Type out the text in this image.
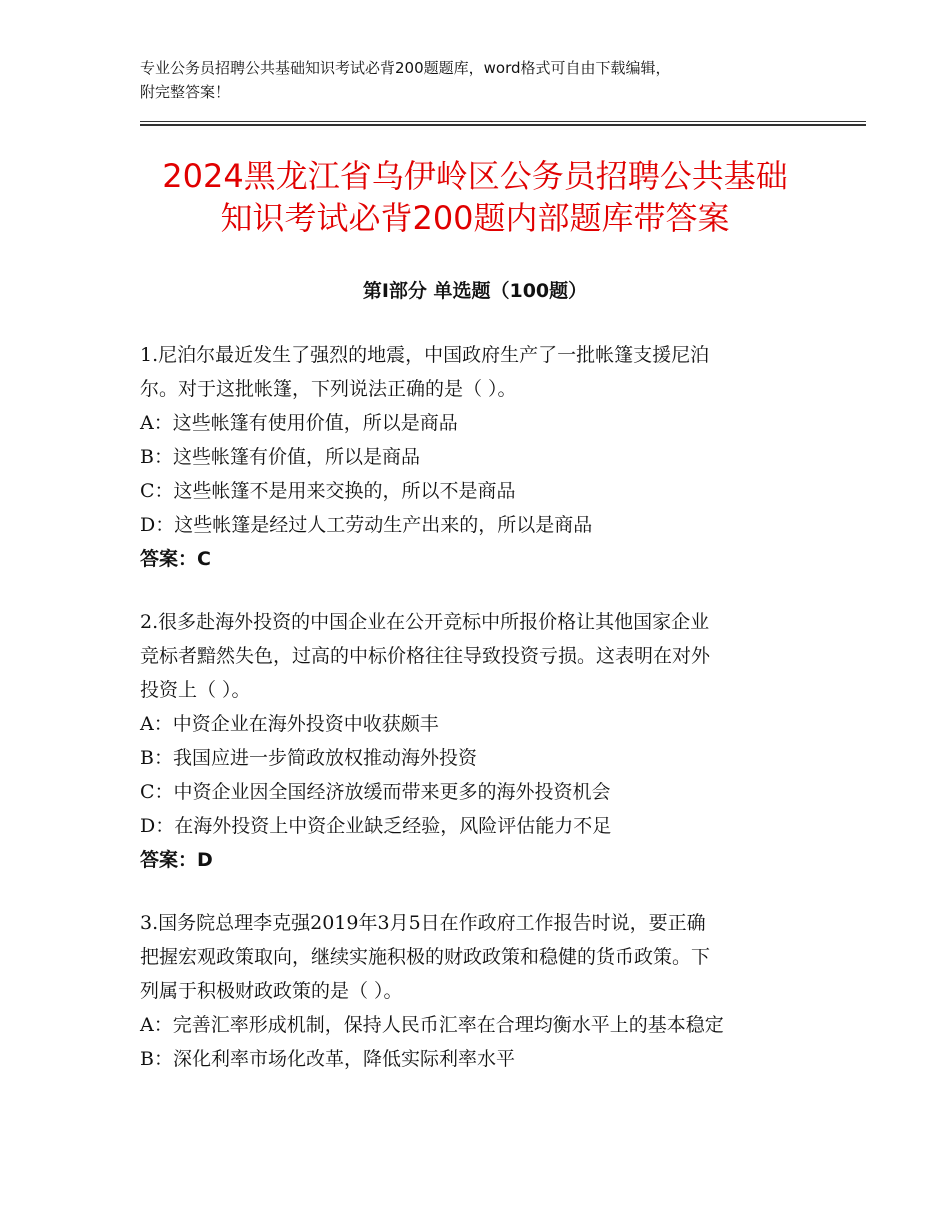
专业公务员招聘公共基础知识考试必背200题题库，word格式可自由下载编辑，
附完整答案！
2024黑龙江省乌伊岭区公务员招聘公共基础
知识考试必背200题内部题库带答案
第Ⅰ部分 单选题（100题）
1.尼泊尔最近发生了强烈的地震，中国政府生产了一批帐篷支援尼泊
尔。对于这批帐篷，下列说法正确的是（ ）。
A：这些帐篷有使用价值，所以是商品
B：这些帐篷有价值，所以是商品
C：这些帐篷不是用来交换的，所以不是商品
D：这些帐篷是经过人工劳动生产出来的，所以是商品
答案：C
2.很多赴海外投资的中国企业在公开竞标中所报价格让其他国家企业
竞标者黯然失色，过高的中标价格往往导致投资亏损。这表明在对外
投资上（ ）。
A：中资企业在海外投资中收获颇丰
B：我国应进一步简政放权推动海外投资
C：中资企业因全国经济放缓而带来更多的海外投资机会
D：在海外投资上中资企业缺乏经验，风险评估能力不足
答案：D
3.国务院总理李克强2019年3月5日在作政府工作报告时说，要正确
把握宏观政策取向，继续实施积极的财政政策和稳健的货币政策。下
列属于积极财政政策的是（ ）。
A：完善汇率形成机制，保持人民币汇率在合理均衡水平上的基本稳定
B：深化利率市场化改革，降低实际利率水平
